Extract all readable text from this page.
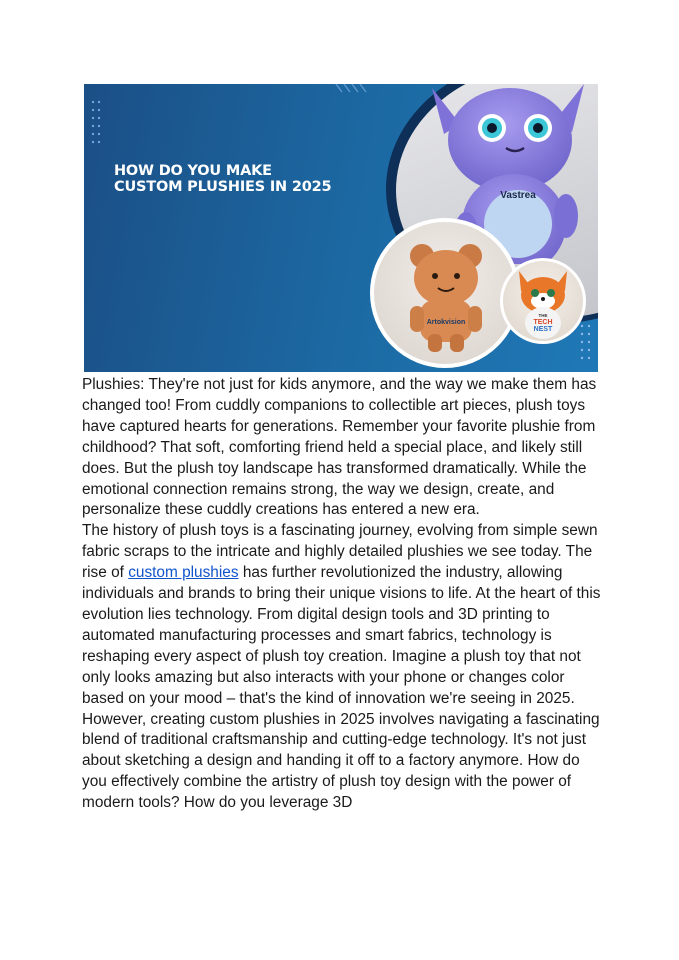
HOW DO YOU MAKE
CUSTOM PLUSHIES IN 2025
Vastrea
Artokvision
THE
TECH
NEST

Plushies: They're not just for kids anymore, and the way we make them has changed too! From cuddly companions to collectible art pieces, plush toys have captured hearts for generations. Remember your favorite plushie from childhood? That soft, comforting friend held a special place, and likely still does. But the plush toy landscape has transformed dramatically. While the emotional connection remains strong, the way we design, create, and personalize these cuddly creations has entered a new era.

The history of plush toys is a fascinating journey, evolving from simple sewn fabric scraps to the intricate and highly detailed plushies we see today. The rise of custom plushies has further revolutionized the industry, allowing individuals and brands to bring their unique visions to life. At the heart of this evolution lies technology. From digital design tools and 3D printing to automated manufacturing processes and smart fabrics, technology is reshaping every aspect of plush toy creation. Imagine a plush toy that not only looks amazing but also interacts with your phone or changes color based on your mood – that's the kind of innovation we're seeing in 2025.

However, creating custom plushies in 2025 involves navigating a fascinating blend of traditional craftsmanship and cutting-edge technology. It's not just about sketching a design and handing it off to a factory anymore. How do you effectively combine the artistry of plush toy design with the power of modern tools? How do you leverage 3D
